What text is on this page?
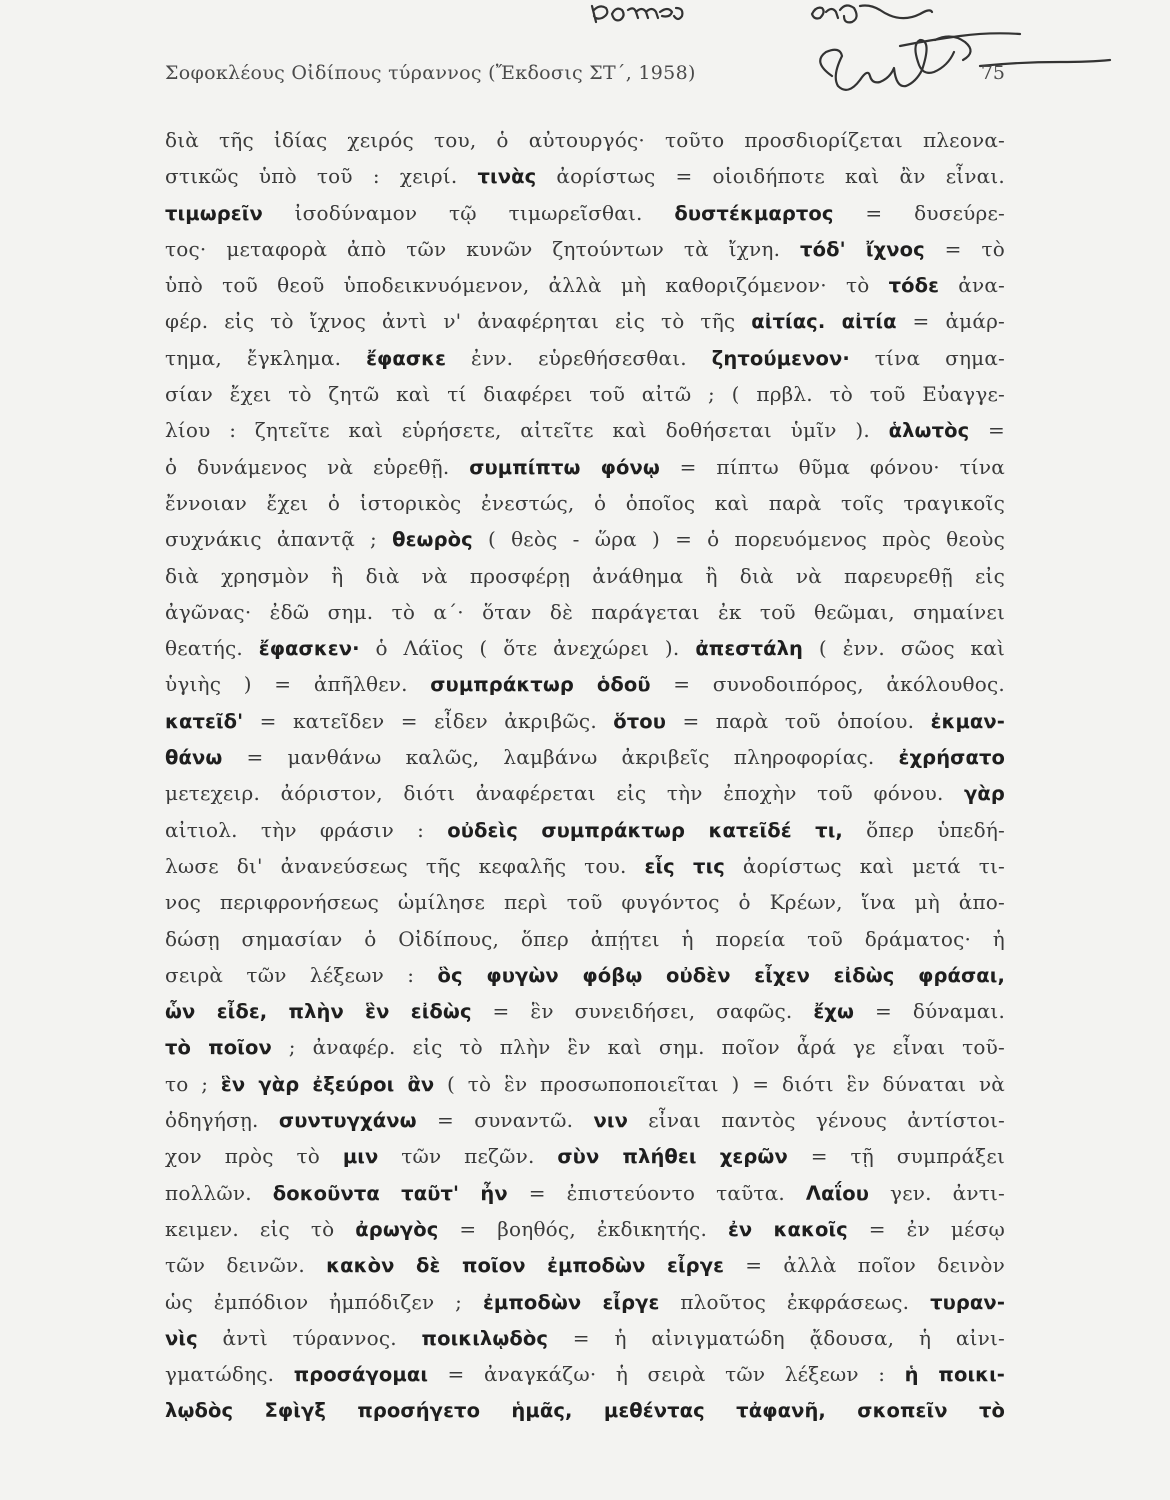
Σοφοκλέους Οἰδίπους τύραννος (Ἔκδοσις ΣΤ΄, 1958)	75
διὰ τῆς ἰδίας χειρός του, ὁ αὐτουργός· τοῦτο προσδιορίζεται πλεονα-
στικῶς ὑπὸ τοῦ : χειρί. τινὰς ἀορίστως = οἱοιδήποτε καὶ ἂν εἶναι.
τιμωρεῖν ἰσοδύναμον τῷ τιμωρεῖσθαι. δυστέκμαρτος = δυσεύρε-
τος· μεταφορὰ ἀπὸ τῶν κυνῶν ζητούντων τὰ ἴχνη. τόδ' ἴχνος = τὸ
ὑπὸ τοῦ θεοῦ ὑποδεικνυόμενον, ἀλλὰ μὴ καθοριζόμενον· τὸ τόδε ἀνα-
φέρ. εἰς τὸ ἴχνος ἀντὶ ν' ἀναφέρηται εἰς τὸ τῆς αἰτίας. αἰτία = ἁμάρ-
τημα, ἔγκλημα. ἔφασκε ἐνν. εὑρεθήσεσθαι. ζητούμενον· τίνα σημα-
σίαν ἔχει τὸ ζητῶ καὶ τί διαφέρει τοῦ αἰτῶ ; ( πρβλ. τὸ τοῦ Εὐαγγε-
λίου : ζητεῖτε καὶ εὑρήσετε, αἰτεῖτε καὶ δοθήσεται ὑμῖν ). ἁλωτὸς =
ὁ δυνάμενος νὰ εὑρεθῇ. συμπίπτω φόνῳ = πίπτω θῦμα φόνου· τίνα
ἔννοιαν ἔχει ὁ ἱστορικὸς ἐνεστώς, ὁ ὁποῖος καὶ παρὰ τοῖς τραγικοῖς
συχνάκις ἀπαντᾷ ; θεωρὸς ( θεὸς - ὥρα ) = ὁ πορευόμενος πρὸς θεοὺς
διὰ χρησμὸν ἢ διὰ νὰ προσφέρῃ ἀνάθημα ἢ διὰ νὰ παρευρεθῇ εἰς
ἀγῶνας· ἐδῶ σημ. τὸ α΄· ὅταν δὲ παράγεται ἐκ τοῦ θεῶμαι, σημαίνει
θεατής. ἔφασκεν· ὁ Λάϊος ( ὅτε ἀνεχώρει ). ἀπεστάλη ( ἐνν. σῶος καὶ
ὑγιὴς ) = ἀπῆλθεν. συμπράκτωρ ὁδοῦ = συνοδοιπόρος, ἀκόλουθος.
κατεῖδ' = κατεῖδεν = εἶδεν ἀκριβῶς. ὅτου = παρὰ τοῦ ὁποίου. ἐκμαν-
θάνω = μανθάνω καλῶς, λαμβάνω ἀκριβεῖς πληροφορίας. ἐχρήσατο
μετεχειρ. ἀόριστον, διότι ἀναφέρεται εἰς τὴν ἐποχὴν τοῦ φόνου. γὰρ
αἰτιολ. τὴν φράσιν : οὐδεὶς συμπράκτωρ κατεῖδέ τι, ὅπερ ὑπεδή-
λωσε δι' ἀνανεύσεως τῆς κεφαλῆς του. εἷς τις ἀορίστως καὶ μετά τι-
νος περιφρονήσεως ὡμίλησε περὶ τοῦ φυγόντος ὁ Κρέων, ἵνα μὴ ἀπο-
δώσῃ σημασίαν ὁ Οἰδίπους, ὅπερ ἀπῄτει ἡ πορεία τοῦ δράματος· ἡ
σειρὰ τῶν λέξεων : ὃς φυγὼν φόβῳ οὐδὲν εἶχεν εἰδὼς φράσαι,
ὧν εἶδε, πλὴν ἓν εἰδὼς = ἓν συνειδήσει, σαφῶς. ἔχω = δύναμαι.
τὸ ποῖον ; ἀναφέρ. εἰς τὸ πλὴν ἓν καὶ σημ. ποῖον ἆρά γε εἶναι τοῦ-
το ; ἓν γὰρ ἐξεύροι ἂν ( τὸ ἓν προσωποποιεῖται ) = διότι ἓν δύναται νὰ
ὁδηγήσῃ. συντυγχάνω = συναντῶ. νιν εἶναι παντὸς γένους ἀντίστοι-
χον πρὸς τὸ μιν τῶν πεζῶν. σὺν πλήθει χερῶν = τῇ συμπράξει
πολλῶν. δοκοῦντα ταῦτ' ἦν = ἐπιστεύοντο ταῦτα. Λαΐου γεν. ἀντι-
κειμεν. εἰς τὸ ἀρωγὸς = βοηθός, ἐκδικητής. ἐν κακοῖς = ἐν μέσῳ
τῶν δεινῶν. κακὸν δὲ ποῖον ἐμποδὼν εἶργε = ἀλλὰ ποῖον δεινὸν
ὡς ἐμπόδιον ἠμπόδιζεν ; ἐμποδὼν εἶργε πλοῦτος ἐκφράσεως. τυραν-
νὶς ἀντὶ τύραννος. ποικιλῳδὸς = ἡ αἰνιγματώδη ᾄδουσα, ἡ αἰνι-
γματώδης. προσάγομαι = ἀναγκάζω· ἡ σειρὰ τῶν λέξεων : ἡ ποικι-
λῳδὸς Σφὶγξ προσήγετο ἡμᾶς, μεθέντας τἀφανῆ, σκοπεῖν τὸ
